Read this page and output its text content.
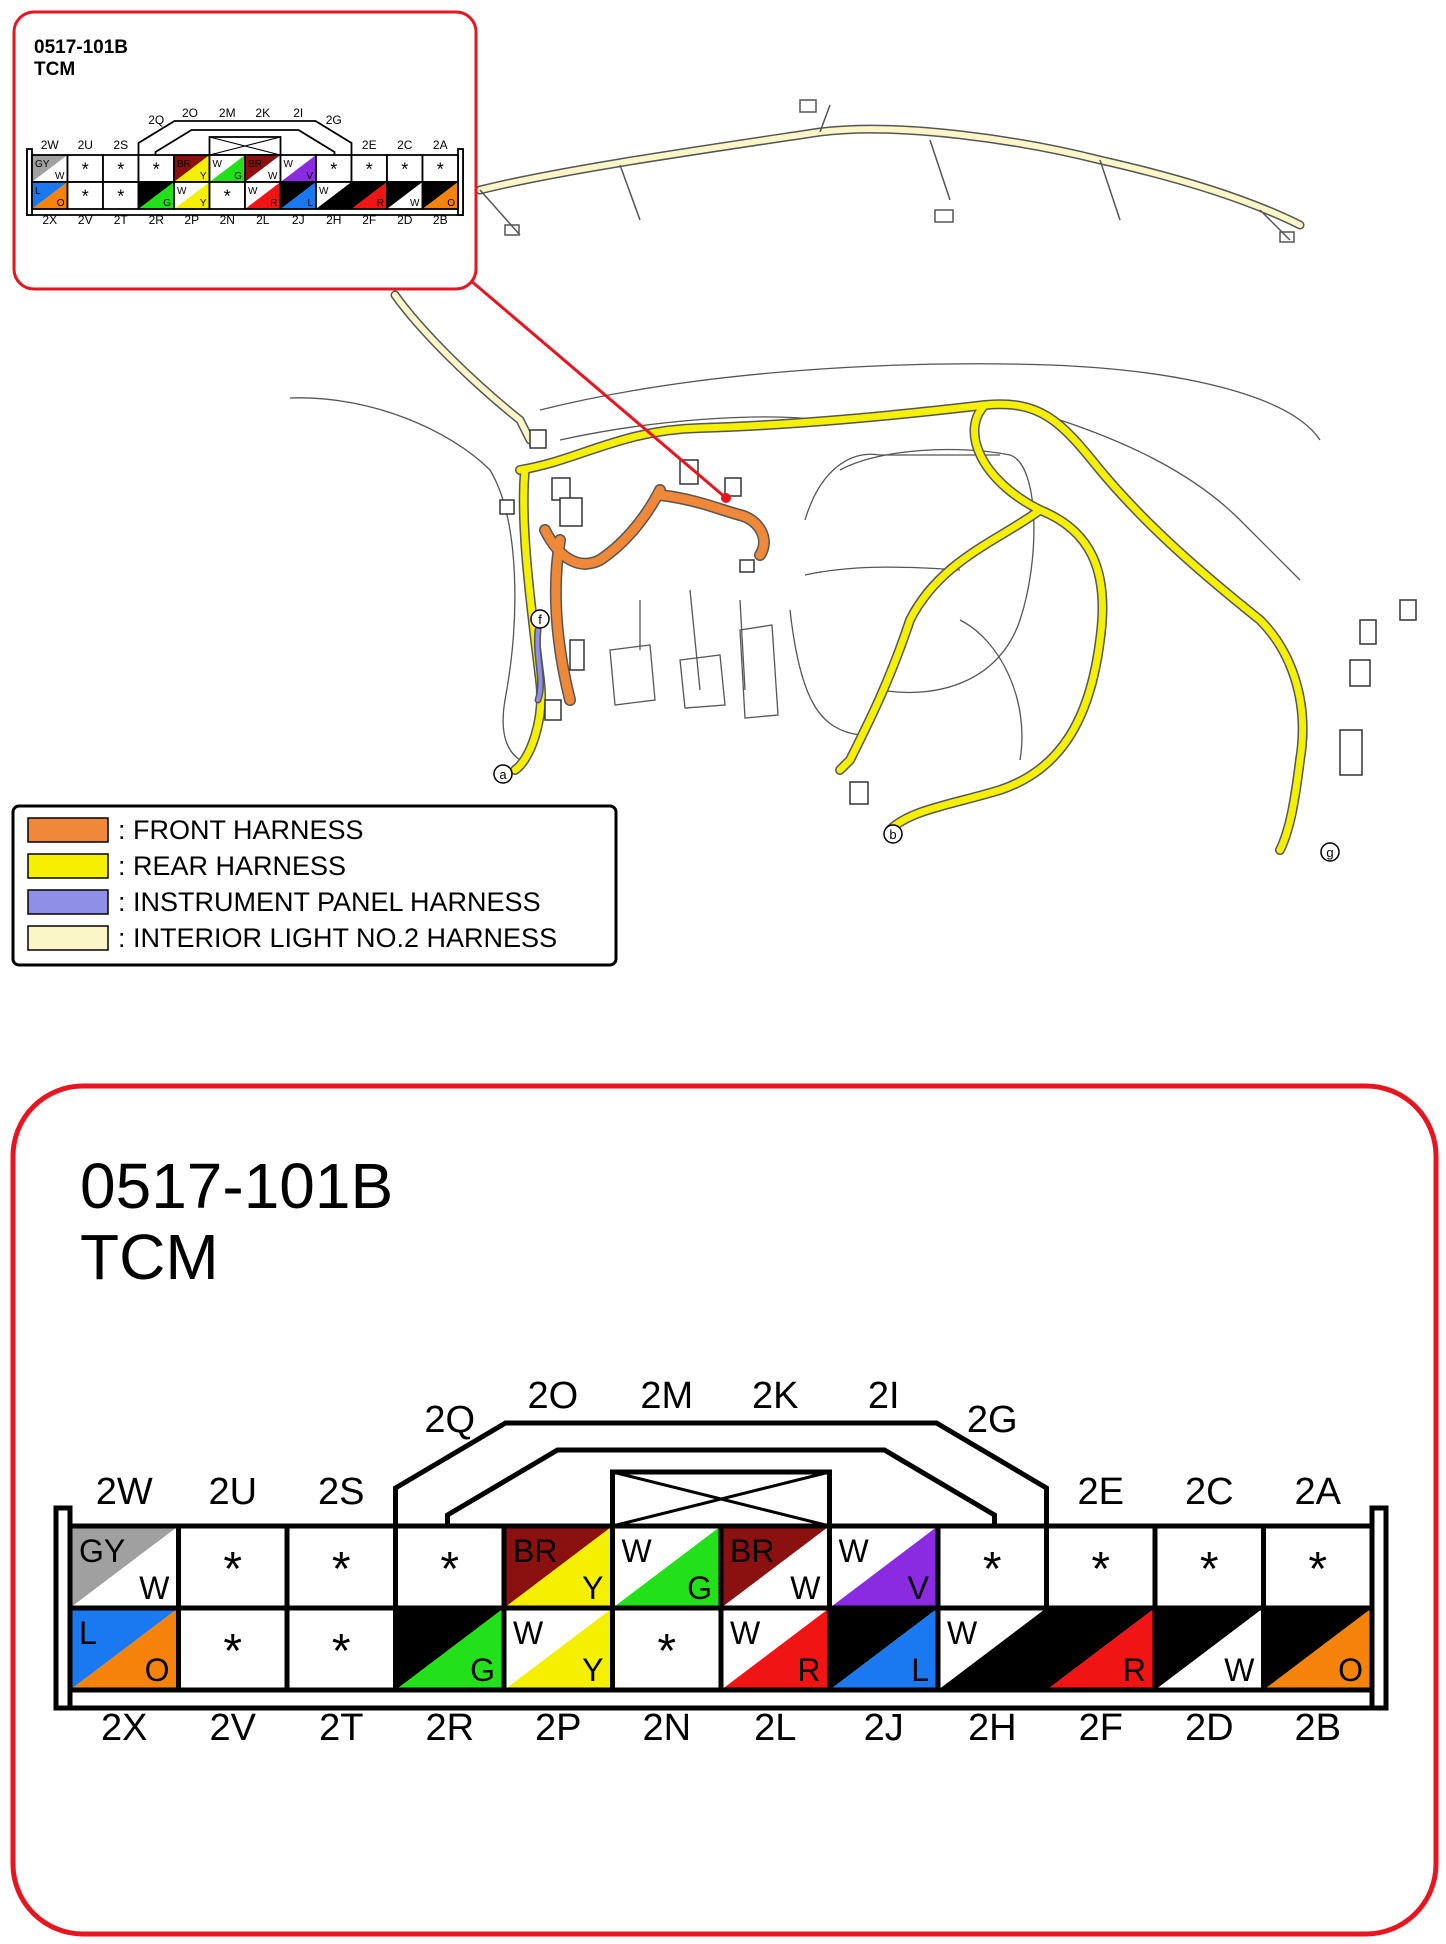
a
b
g
f
0517-101B
TCM
GY
W * * * BR
Y
W
G
BR
W
W
V * * * *
L
O * * B
G
W
Y * W
R
B
L
W
B
B
R
B
W
B
O
2W 2U 2S
2Q 2O 2M 2K 2I 2G
2E 2C 2A
2X 2V 2T 2R 2P 2N 2L 2J 2H 2F 2D 2B
: FRONT HARNESS
: REAR HARNESS
: INSTRUMENT PANEL HARNESS
: INTERIOR LIGHT NO.2 HARNESS
0517-101B
TCM
GY
W * * * BR
Y
W
G
BR
W
W
V * * * *
L
O * * B
G
W
Y * W
R
B
L
W
B
B
R
B
W
B
O
2W 2U 2S
2Q
2O 2M 2K 2I
2G
2E 2C 2A
2X 2V 2T 2R 2P 2N 2L 2J 2H 2F 2D 2B
